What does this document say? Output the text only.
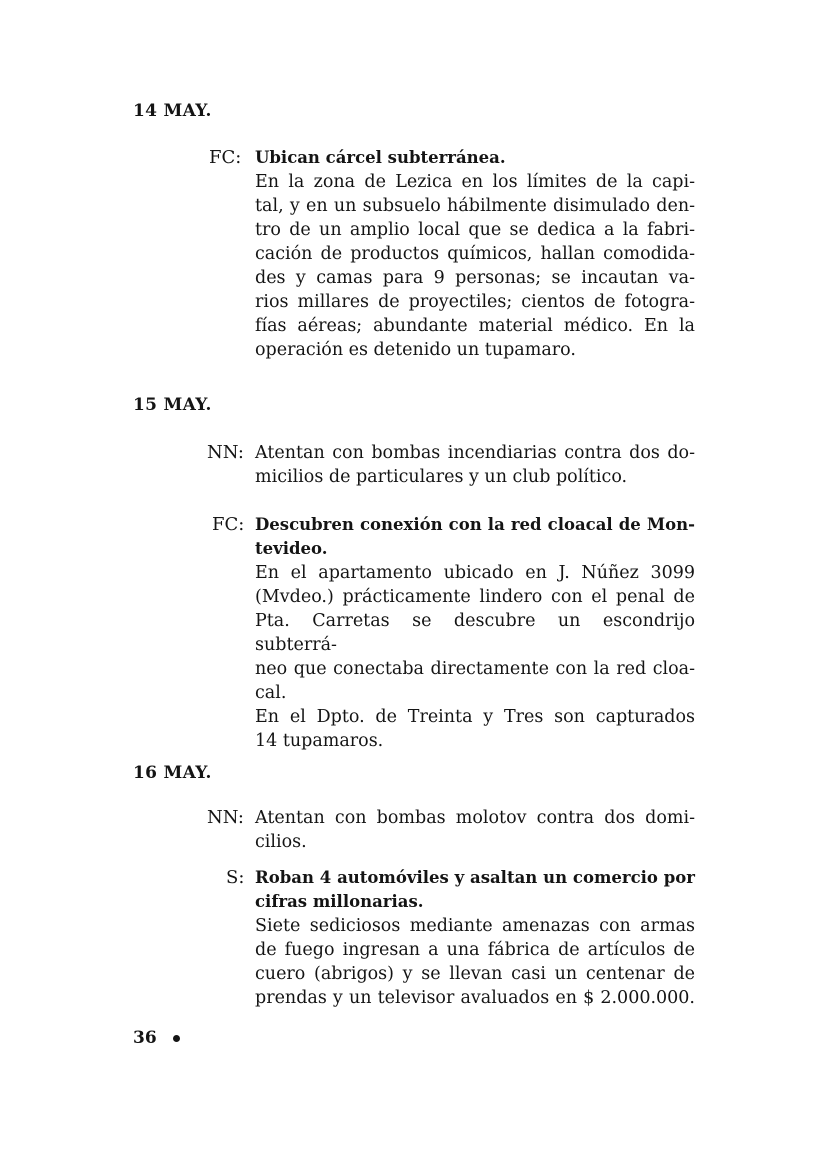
14 MAY.
FC: Ubican cárcel subterránea.

En la zona de Lezica en los límites de la capi-
tal, y en un subsuelo hábilmente disimulado den-
tro de un amplio local que se dedica a la fabri-
cación de productos químicos, hallan comodida-
des y camas para 9 personas; se incautan va-
rios millares de proyectiles; cientos de fotogra-
fías aéreas; abundante material médico. En la
operación es detenido un tupamaro.

15 MAY.
NN: Atentan con bombas incendiarias contra dos do-
micilios de particulares y un club político.

FC: Descubren conexión con la red cloacal de Mon-
tevideo.

En el apartamento ubicado en J. Núñez 3099
(Mvdeo.) prácticamente lindero con el penal de
Pta. Carretas se descubre un escondrijo subterrá-
neo que conectaba directamente con la red cloa-
cal.

En el Dpto. de Treinta y Tres son capturados
14 tupamaros.

16 MAY.
NN: Atentan con bombas molotov contra dos domi-
cilios.

S: Roban 4 automóviles y asaltan un comercio por
cifras millonarias.

Siete sediciosos mediante amenazas con armas
de fuego ingresan a una fábrica de artículos de
cuero (abrigos) y se llevan casi un centenar de
prendas y un televisor avaluados en $ 2.000.000.

36
